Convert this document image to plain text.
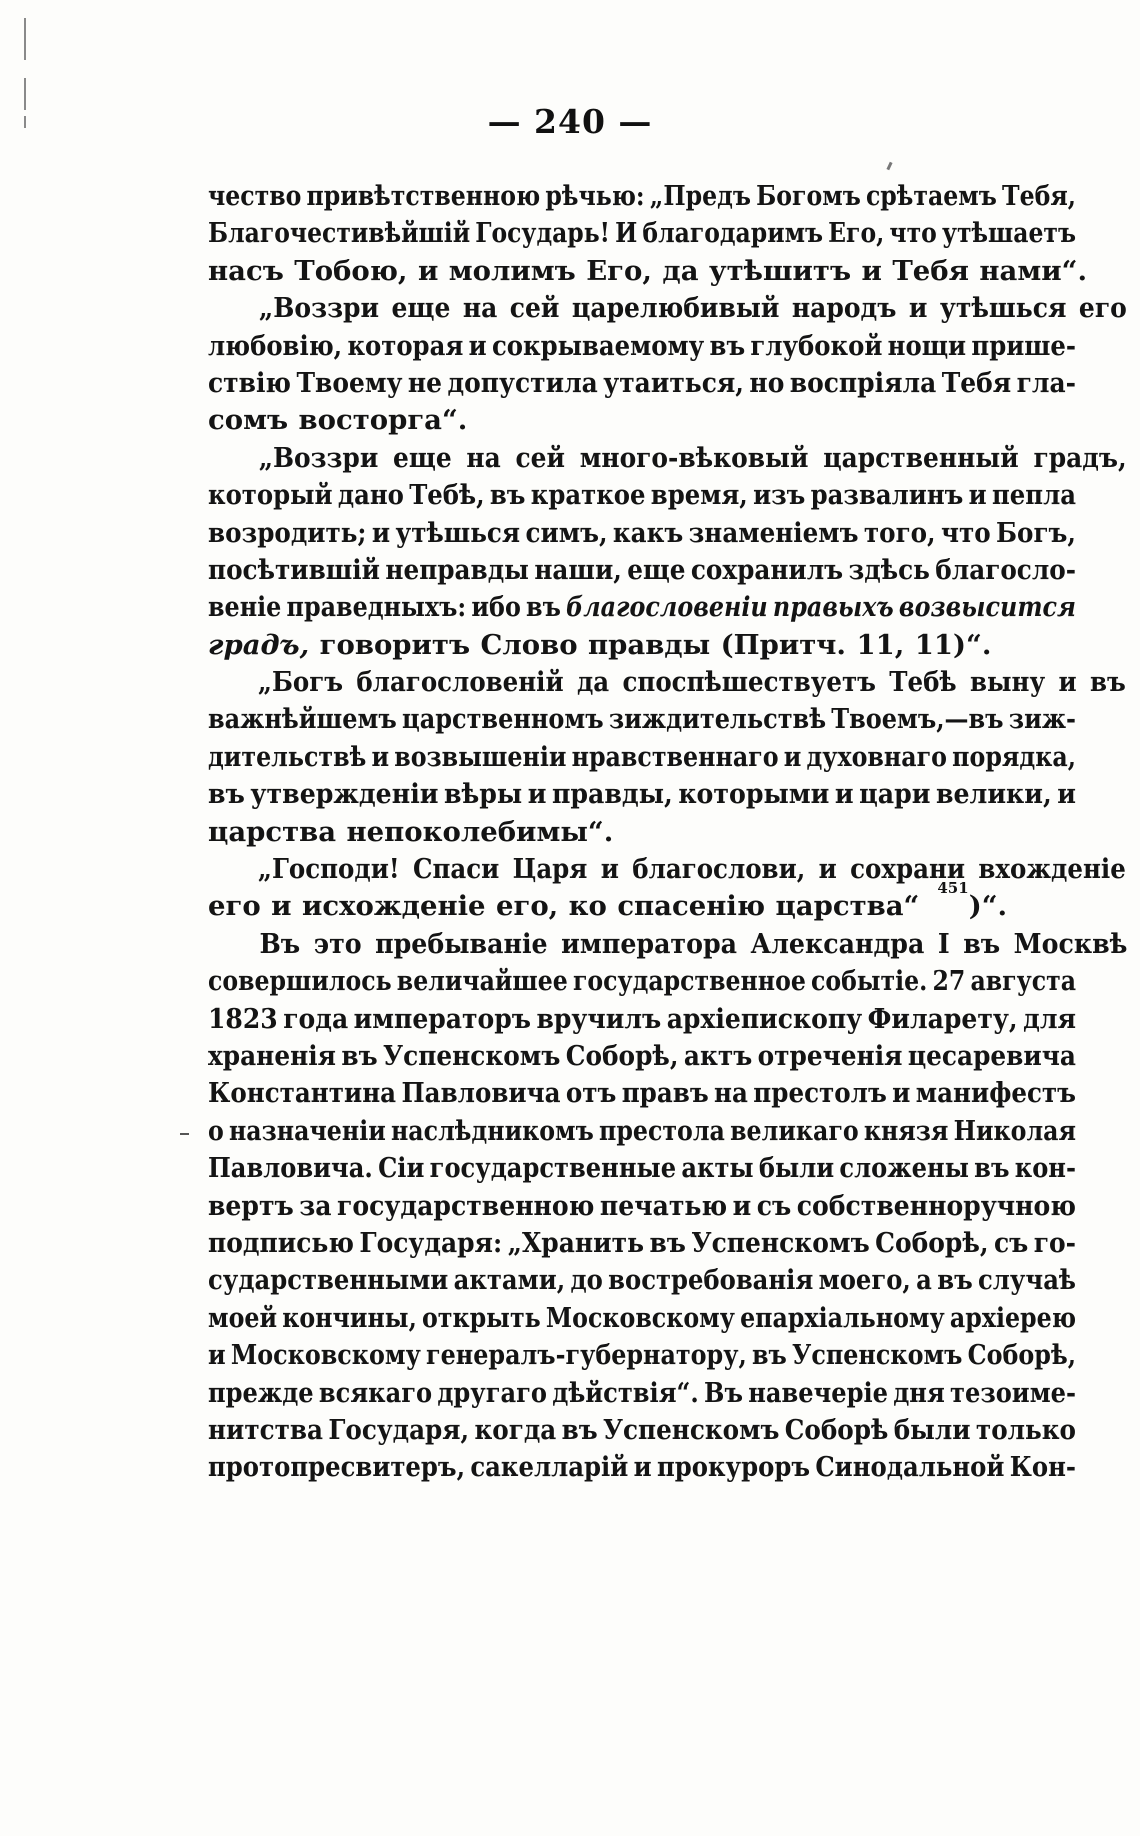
— 240 —
чество привѣтственною рѣчью: „Предъ Богомъ срѣтаемъ Тебя,
Благочестивѣйшій Государь! И благодаримъ Его, что утѣшаетъ
насъ Тобою, и молимъ Его, да утѣшитъ и Тебя нами“.
„Воззри еще на сей царелюбивый народъ и утѣшься его
любовію, которая и сокрываемому въ глубокой нощи прише-
ствію Твоему не допустила утаиться, но воспріяла Тебя гла-
сомъ восторга“.
„Воззри еще на сей много-вѣковый царственный градъ,
который дано Тебѣ, въ краткое время, изъ развалинъ и пепла
возродить; и утѣшься симъ, какъ знаменіемъ того, что Богъ,
посѣтившій неправды наши, еще сохранилъ здѣсь благосло-
веніе праведныхъ: ибо въ благословеніи правыхъ возвысится
градъ, говоритъ Слово правды (Притч. 11, 11)“.
„Богъ благословеній да споспѣшествуетъ Тебѣ выну и въ
важнѣйшемъ царственномъ зиждительствѣ Твоемъ,—въ зиж-
дительствѣ и возвышеніи нравственнаго и духовнаго порядка,
въ утвержденіи вѣры и правды, которыми и цари велики, и
царства непоколебимы“.
„Господи! Спаси Царя и благослови, и сохрани вхожденіе
его и исхожденіе его, ко спасенію царства“
451
)“.
Въ это пребываніе императора Александра I въ Москвѣ
совершилось величайшее государственное событіе. 27 августа
1823 года императоръ вручилъ архіепископу Филарету, для
храненія въ Успенскомъ Соборѣ, актъ отреченія цесаревича
Константина Павловича отъ правъ на престолъ и манифестъ
о назначеніи наслѣдникомъ престола великаго князя Николая
Павловича. Сіи государственные акты были сложены въ кон-
вертъ за государственною печатью и съ собственноручною
подписью Государя: „Хранить въ Успенскомъ Соборѣ, съ го-
сударственными актами, до востребованія моего, а въ случаѣ
моей кончины, открыть Московскому епархіальному архіерею
и Московскому генералъ-губернатору, въ Успенскомъ Соборѣ,
прежде всякаго другаго дѣйствія“. Въ навечеріе дня тезоиме-
нитства Государя, когда въ Успенскомъ Соборѣ были только
протопресвитеръ, сакелларій и прокуроръ Синодальной Кон-
